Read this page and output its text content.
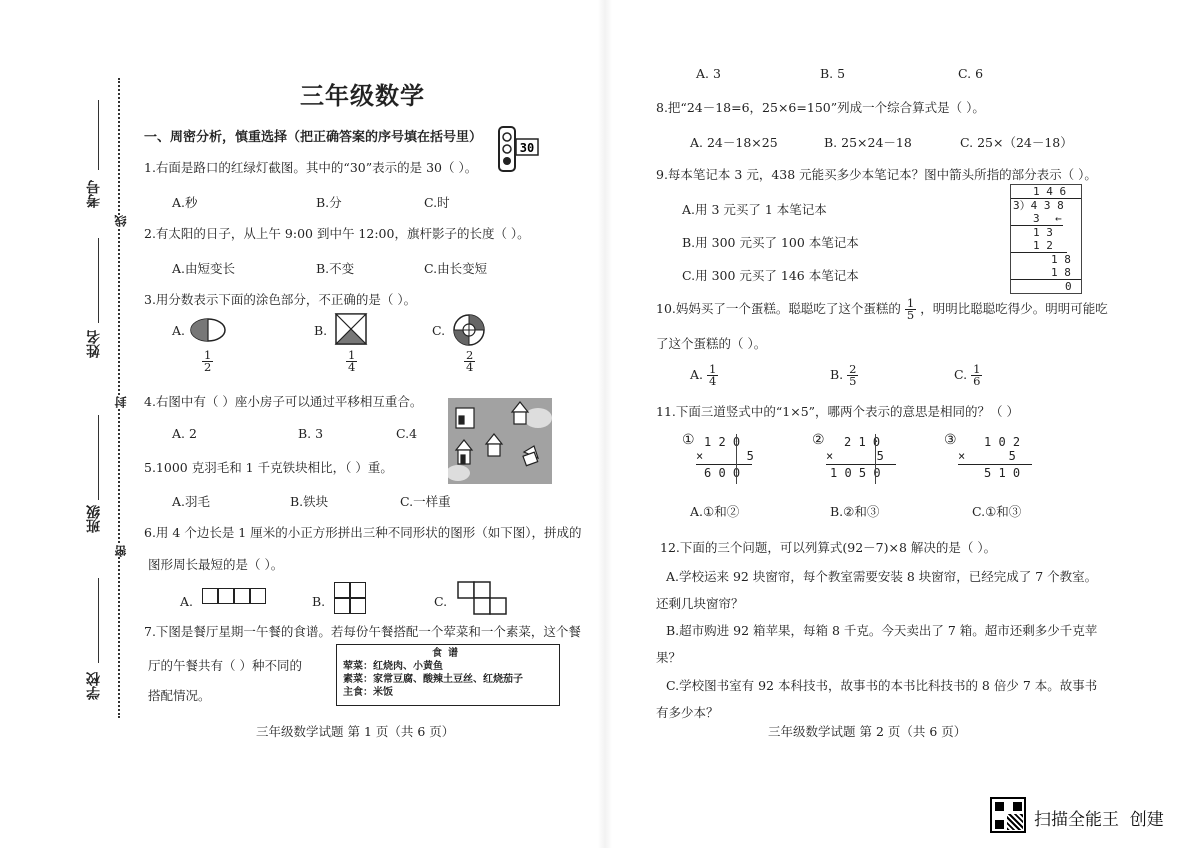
考号
线
姓名
封
班级
密
学校
三年级数学
一、周密分析，慎重选择（把正确答案的序号填在括号里）
30
1.右面是路口的红绿灯截图。其中的“30”表示的是 30（ ）。
A.秒	B.分	C.时
2.有太阳的日子，从上午 9:00 到中午 12:00，旗杆影子的长度（ ）。
A.由短变长	B.不变	C.由长变短
3.用分数表示下面的涂色部分，不正确的是（ ）。
A.
$\frac{1}{2}$
B.
$\frac{1}{4}$
C.
$\frac{2}{4}$
4.右图中有（ ）座小房子可以通过平移相互重合。
A. 2	B. 3	C.4
5.1000 克羽毛和 1 千克铁块相比，（ ）重。
A.羽毛	B.铁块	C.一样重
6.用 4 个边长是 1 厘米的小正方形拼出三种不同形状的图形（如下图），拼成的
图形周长最短的是（ ）。
A.	B.	C.
7.下图是餐厅星期一午餐的食谱。若每份午餐搭配一个荤菜和一个素菜，这个餐
厅的午餐共有（ ）种不同的
搭配情况。
食谱
荤菜：红烧肉、小黄鱼
素菜：家常豆腐、酸辣土豆丝、红烧茄子
主食：米饭
三年级数学试题 第 1 页（共 6 页）
A. 3	B. 5	C. 6
8.把“24－18=6，25×6=150”列成一个综合算式是（ ）。
A. 24－18×25	B. 25×24－18	C. 25×（24－18）
9.每本笔记本 3 元，438 元能买多少本笔记本？图中箭头所指的部分表示（ ）。
A.用 3 元买了 1 本笔记本
B.用 300 元买了 100 本笔记本
C.用 300 元买了 146 本笔记本
1 4 6
3）4 3 8
3 ←
1 3
1 2
1 8
1 8
0
10.妈妈买了一个蛋糕。聪聪吃了这个蛋糕的 $\frac{1}{5}$ ，明明比聪聪吃得少。明明可能吃
了这个蛋糕的（ ）。
A. $\frac{1}{4}$	B. $\frac{2}{5}$	C. $\frac{1}{6}$
11.下面三道竖式中的“1×5”，哪两个表示的意思是相同的？（ ）
① 1 2 0
×      5
6 0 0
② 2 1 0
×      5
1 0 5 0
③ 1 0 2
×      5
5 1 0
A.①和②	B.②和③	C.①和③
12.下面的三个问题，可以列算式(92－7)×8 解决的是（ ）。
A.学校运来 92 块窗帘，每个教室需要安装 8 块窗帘，已经完成了 7 个教室。
还剩几块窗帘？
B.超市购进 92 箱苹果，每箱 8 千克。今天卖出了 7 箱。超市还剩多少千克苹
果？
C.学校图书室有 92 本科技书，故事书的本书比科技书的 8 倍少 7 本。故事书
有多少本？
三年级数学试题 第 2 页（共 6 页）
扫描全能王  创建
